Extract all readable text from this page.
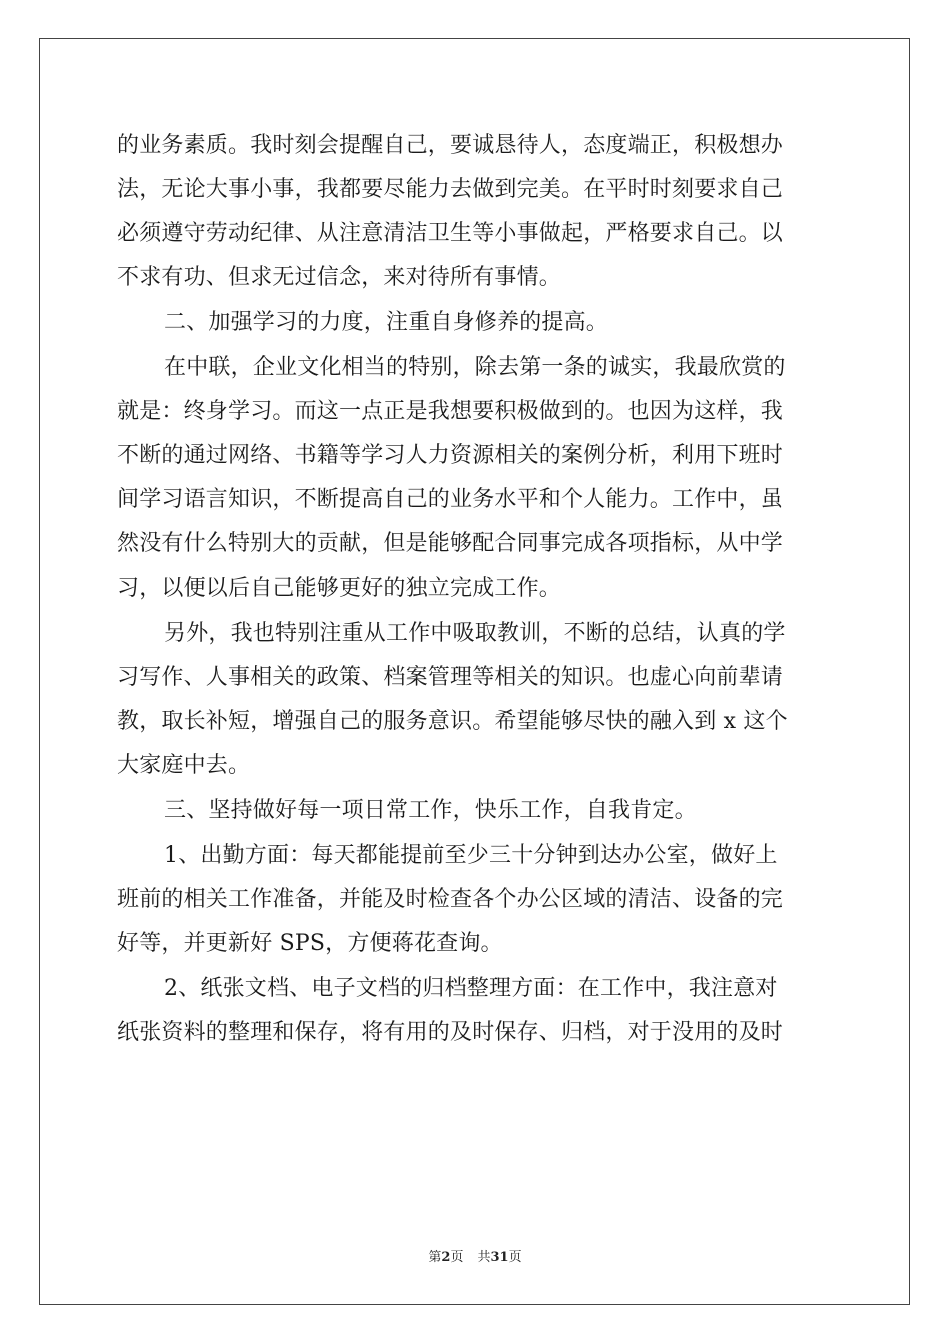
的业务素质。我时刻会提醒自己，要诚恳待人，态度端正，积极想办
法，无论大事小事，我都要尽能力去做到完美。在平时时刻要求自己
必须遵守劳动纪律、从注意清洁卫生等小事做起，严格要求自己。以
不求有功、但求无过信念，来对待所有事情。
二、加强学习的力度，注重自身修养的提高。
在中联，企业文化相当的特别，除去第一条的诚实，我最欣赏的
就是：终身学习。而这一点正是我想要积极做到的。也因为这样，我
不断的通过网络、书籍等学习人力资源相关的案例分析，利用下班时
间学习语言知识，不断提高自己的业务水平和个人能力。工作中，虽
然没有什么特别大的贡献，但是能够配合同事完成各项指标，从中学
习，以便以后自己能够更好的独立完成工作。
另外，我也特别注重从工作中吸取教训，不断的总结，认真的学
习写作、人事相关的政策、档案管理等相关的知识。也虚心向前辈请
教，取长补短，增强自己的服务意识。希望能够尽快的融入到 x 这个
大家庭中去。
三、坚持做好每一项日常工作，快乐工作，自我肯定。
1、出勤方面：每天都能提前至少三十分钟到达办公室，做好上
班前的相关工作准备，并能及时检查各个办公区域的清洁、设备的完
好等，并更新好 SPS，方便蒋花查询。
2、纸张文档、电子文档的归档整理方面：在工作中，我注意对
纸张资料的整理和保存，将有用的及时保存、归档，对于没用的及时
第2页 共31页
